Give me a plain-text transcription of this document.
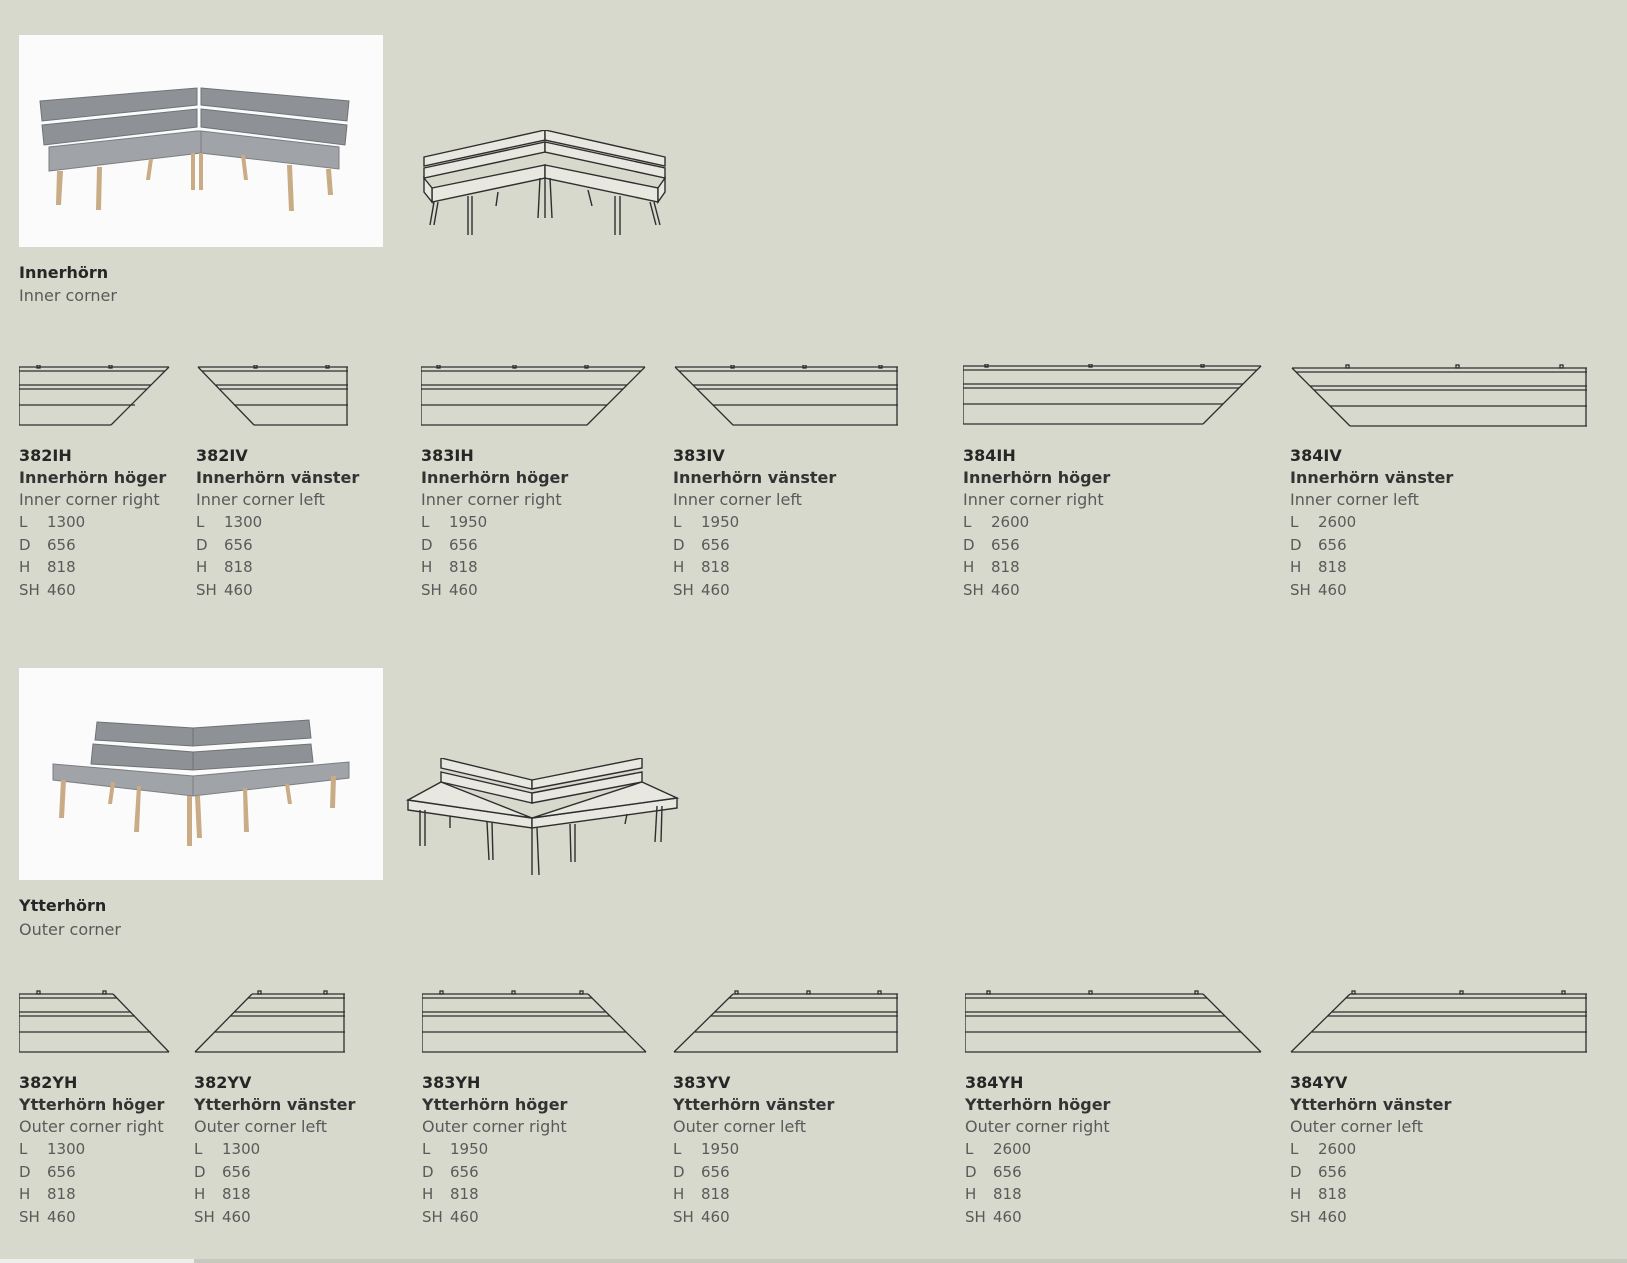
Innerhörn
Inner corner
382IH
Innerhörn höger
Inner corner right
L	1300
D	656
H	818
SH 460
382IV
Innerhörn vänster
Inner corner left
L	1300
D	656
H	818
SH 460
383IH
Innerhörn höger
Inner corner right
L	1950
D	656
H	818
SH 460
383IV
Innerhörn vänster
Inner corner left
L	1950
D	656
H	818
SH 460
384IH
Innerhörn höger
Inner corner right
L	2600
D	656
H	818
SH 460
384IV
Innerhörn vänster
Inner corner left
L	2600
D	656
H	818
SH 460
Ytterhörn
Outer corner
382YH
Ytterhörn höger
Outer corner right
L	1300
D	656
H	818
SH 460
382YV
Ytterhörn vänster
Outer corner left
L	1300
D	656
H	818
SH 460
383YH
Ytterhörn höger
Outer corner right
L	1950
D	656
H	818
SH 460
383YV
Ytterhörn vänster
Outer corner left
L	1950
D	656
H	818
SH 460
384YH
Ytterhörn höger
Outer corner right
L	2600
D	656
H	818
SH 460
384YV
Ytterhörn vänster
Outer corner left
L	2600
D	656
H	818
SH 460
